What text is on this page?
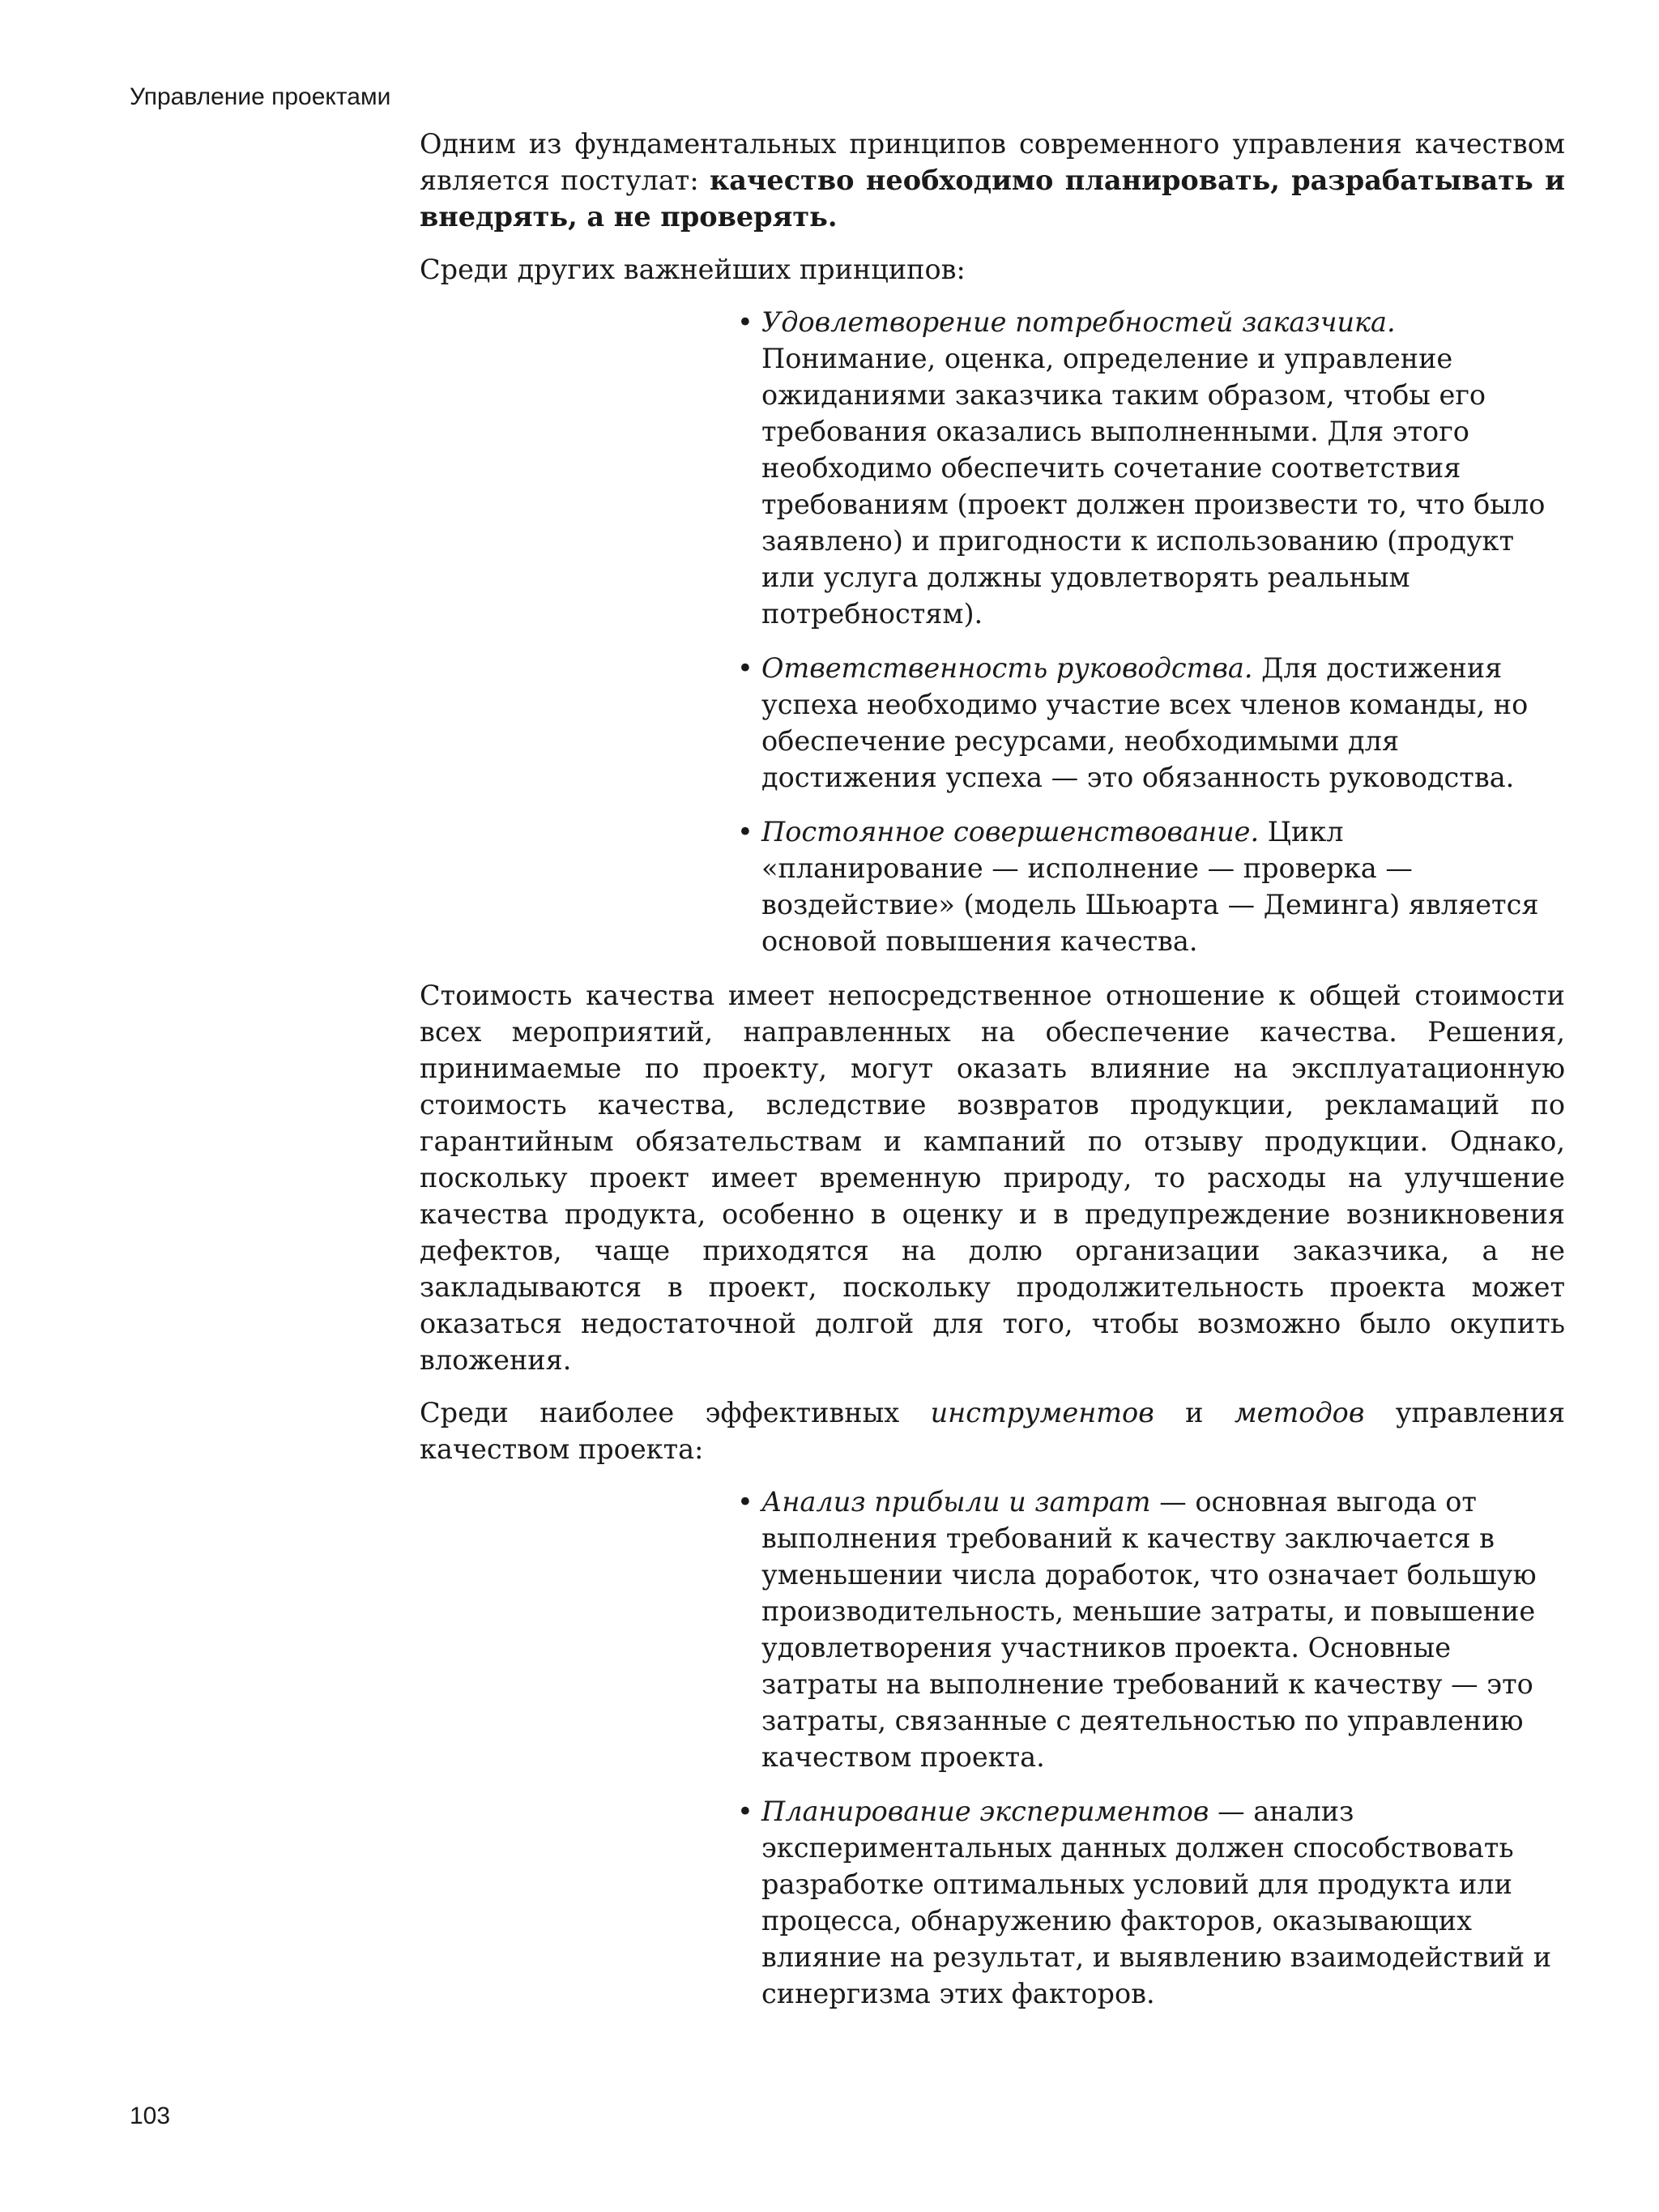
Управление проектами

Одним из фундаментальных принципов современного управления качеством является постулат: качество необходимо планировать, разрабатывать и внедрять, а не проверять.

Среди других важнейших принципов:

• Удовлетворение потребностей заказчика. Понимание, оценка, определение и управление ожиданиями заказчика таким образом, чтобы его требования оказались выполненными. Для этого необходимо обеспечить сочетание соответствия требованиям (проект должен произвести то, что было заявлено) и пригодности к использованию (продукт или услуга должны удовлетворять реальным потребностям).
• Ответственность руководства. Для достижения успеха необходимо участие всех членов команды, но обеспечение ресурсами, необходимыми для достижения успеха — это обязанность руководства.
• Постоянное совершенствование. Цикл «планирование — исполнение — проверка — воздействие» (модель Шьюарта — Деминга) является основой повышения качества.

Стоимость качества имеет непосредственное отношение к общей стоимости всех мероприятий, направленных на обеспечение качества. Решения, принимаемые по проекту, могут оказать влияние на эксплуатационную стоимость качества, вследствие возвратов продукции, рекламаций по гарантийным обязательствам и кампаний по отзыву продукции. Однако, поскольку проект имеет временную природу, то расходы на улучшение качества продукта, особенно в оценку и в предупреждение возникновения дефектов, чаще приходятся на долю организации заказчика, а не закладываются в проект, поскольку продолжительность проекта может оказаться недостаточной долгой для того, чтобы возможно было окупить вложения.

Среди наиболее эффективных инструментов и методов управления качеством проекта:

• Анализ прибыли и затрат — основная выгода от выполнения требований к качеству заключается в уменьшении числа доработок, что означает большую производительность, меньшие затраты, и повышение удовлетворения участников проекта. Основные затраты на выполнение требований к качеству — это затраты, связанные с деятельностью по управлению качеством проекта.
• Планирование экспериментов — анализ экспериментальных данных должен способствовать разработке оптимальных условий для продукта или процесса, обнаружению факторов, оказывающих влияние на результат, и выявлению взаимодействий и синергизма этих факторов.
103
